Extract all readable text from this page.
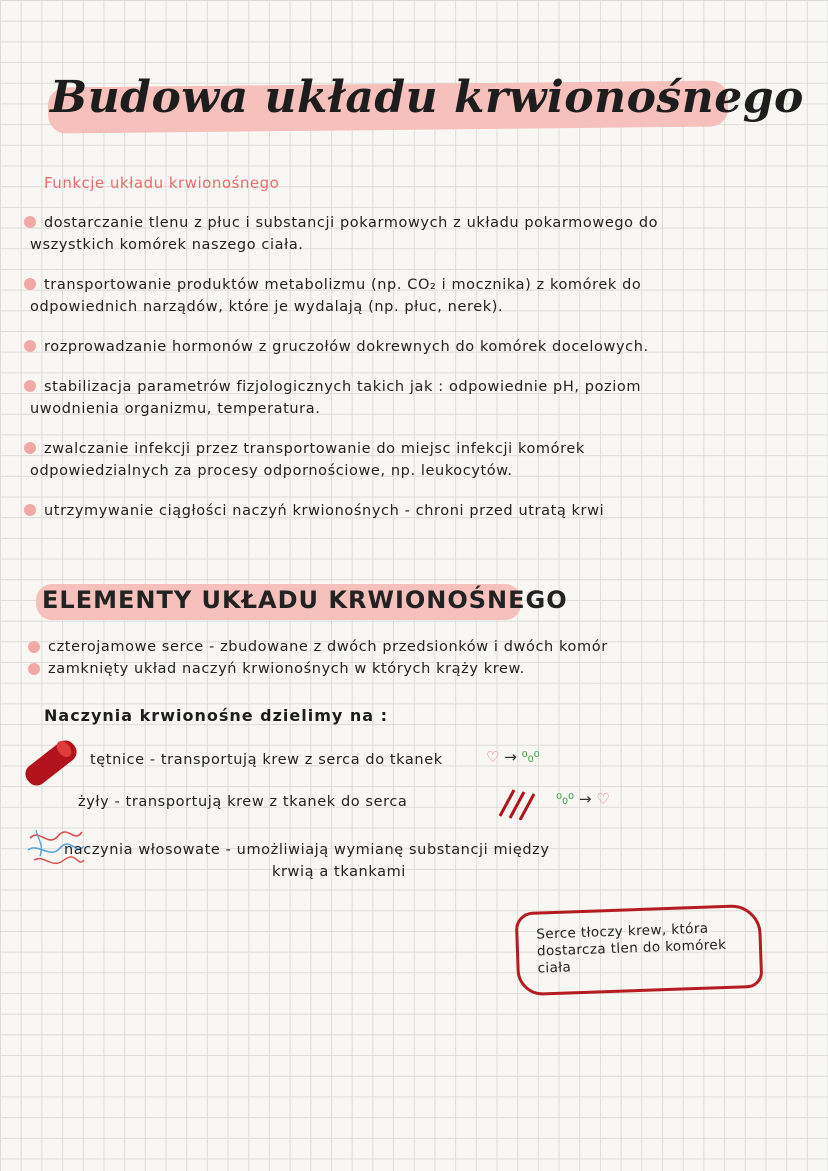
Budowa układu krwionośnego
Funkcje układu krwionośnego
dostarczanie tlenu z płuc i substancji pokarmowych z układu pokarmowego do
wszystkich komórek naszego ciała.
transportowanie produktów metabolizmu (np. CO₂ i mocznika) z komórek do
odpowiednich narządów, które je wydalają (np. płuc, nerek).
rozprowadzanie hormonów z gruczołów dokrewnych do komórek docelowych.
stabilizacja parametrów fizjologicznych takich jak : odpowiednie pH, poziom
uwodnienia organizmu, temperatura.
zwalczanie infekcji przez transportowanie do miejsc infekcji komórek
odpowiedzialnych za procesy odpornościowe, np. leukocytów.
utrzymywanie ciągłości naczyń krwionośnych - chroni przed utratą krwi
ELEMENTY UKŁADU KRWIONOŚNEGO
czterojamowe serce - zbudowane z dwóch przedsionków i dwóch komór
zamknięty układ naczyń krwionośnych w których krąży krew.
Naczynia krwionośne dzielimy na :
tętnice - transportują krew z serca do tkanek	♡ → ⁰₀⁰
żyły - transportują krew z tkanek do serca	⁰₀⁰ → ♡
naczynia włosowate - umożliwiają wymianę substancji między
krwią a tkankami
Serce tłoczy krew, która dostarcza tlen do komórek ciała
